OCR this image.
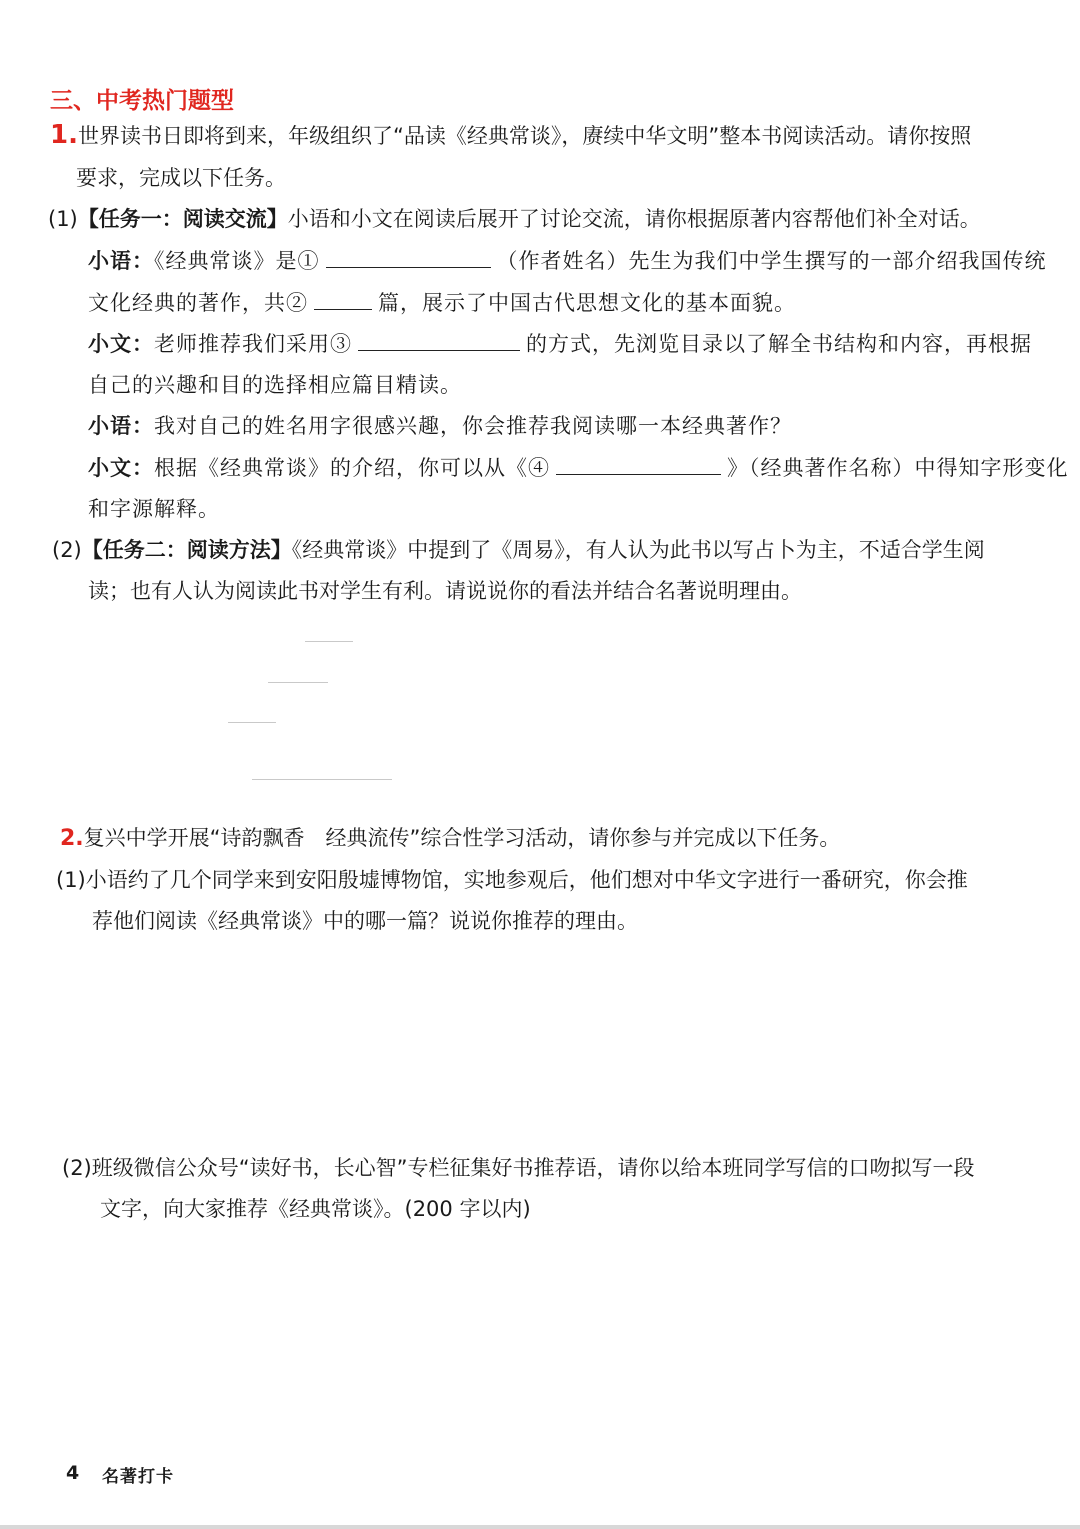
三、中考热门题型
1.世界读书日即将到来，年级组织了“品读《经典常谈》，赓续中华文明”整本书阅读活动。请你按照
要求，完成以下任务。
(1)【任务一：阅读交流】小语和小文在阅读后展开了讨论交流，请你根据原著内容帮他们补全对话。
小语：《经典常谈》是①	（作者姓名）先生为我们中学生撰写的一部介绍我国传统
文化经典的著作，共②	篇，展示了中国古代思想文化的基本面貌。
小文：老师推荐我们采用③	的方式，先浏览目录以了解全书结构和内容，再根据
自己的兴趣和目的选择相应篇目精读。
小语：我对自己的姓名用字很感兴趣，你会推荐我阅读哪一本经典著作？
小文：根据《经典常谈》的介绍，你可以从《④	》（经典著作名称）中得知字形变化
和字源解释。
(2)【任务二：阅读方法】《经典常谈》中提到了《周易》，有人认为此书以写占卜为主，不适合学生阅
读；也有人认为阅读此书对学生有利。请说说你的看法并结合名著说明理由。
2.复兴中学开展“诗韵飘香　经典流传”综合性学习活动，请你参与并完成以下任务。
(1)小语约了几个同学来到安阳殷墟博物馆，实地参观后，他们想对中华文字进行一番研究，你会推
荐他们阅读《经典常谈》中的哪一篇？说说你推荐的理由。
(2)班级微信公众号“读好书，长心智”专栏征集好书推荐语，请你以给本班同学写信的口吻拟写一段
文字，向大家推荐《经典常谈》。(200 字以内)
4 名著打卡
